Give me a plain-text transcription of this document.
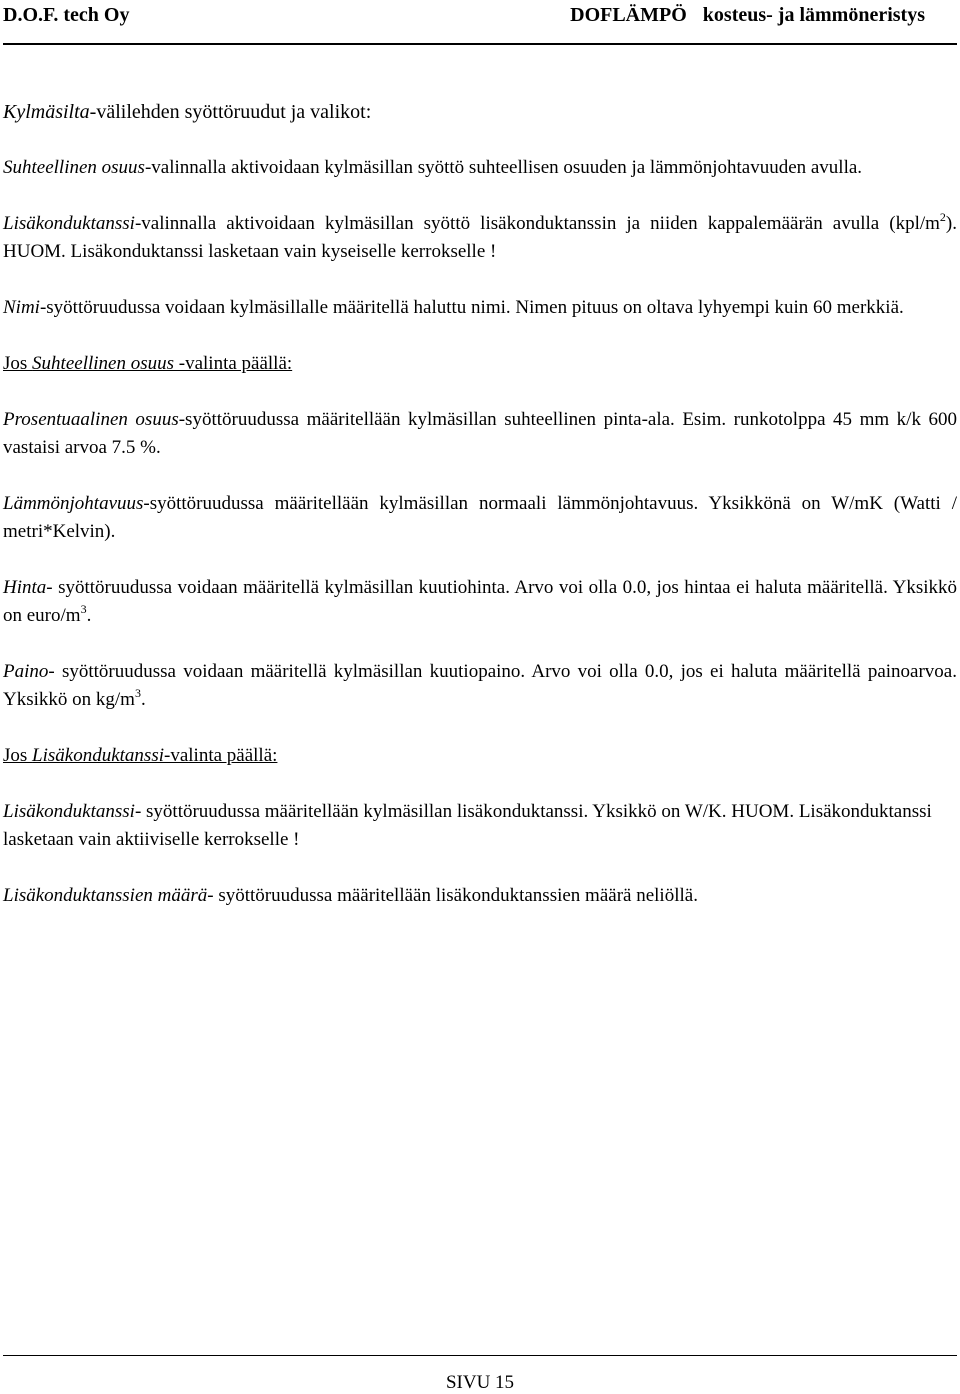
D.O.F. tech Oy	DOFLÄMPÖ kosteus- ja lämmöneristys

Kylmäsilta-välilehden syöttöruudut ja valikot:

Suhteellinen osuus-valinnalla aktivoidaan kylmäsillan syöttö suhteellisen osuuden ja lämmönjohtavuuden avulla.

Lisäkonduktanssi-valinnalla aktivoidaan kylmäsillan syöttö lisäkonduktanssin ja niiden kappalemäärän avulla $(kpl/m^2)$. HUOM. Lisäkonduktanssi lasketaan vain kyseiselle kerrokselle !

Nimi-syöttöruudussa voidaan kylmäsillalle määritellä haluttu nimi. Nimen pituus on oltava lyhyempi kuin 60 merkkiä.

Jos Suhteellinen osuus -valinta päällä:

Prosentuaalinen osuus-syöttöruudussa määritellään kylmäsillan suhteellinen pinta-ala. Esim. runkotolppa 45 mm k/k 600 vastaisi arvoa 7.5 %.

Lämmönjohtavuus-syöttöruudussa määritellään kylmäsillan normaali lämmönjohtavuus. Yksikkönä on W/mK (Watti / metri*Kelvin).

Hinta- syöttöruudussa voidaan määritellä kylmäsillan kuutiohinta. Arvo voi olla 0.0, jos hintaa ei haluta määritellä. Yksikkö on euro/$m^3$.

Paino- syöttöruudussa voidaan määritellä kylmäsillan kuutiopaino. Arvo voi olla 0.0, jos ei haluta määritellä painoarvoa. Yksikkö on $kg/m^3$.

Jos Lisäkonduktanssi-valinta päällä:

Lisäkonduktanssi- syöttöruudussa määritellään kylmäsillan lisäkonduktanssi. Yksikkö on W/K. HUOM. Lisäkonduktanssi lasketaan vain aktiiviselle kerrokselle !

Lisäkonduktanssien määrä- syöttöruudussa määritellään lisäkonduktanssien määrä neliöllä.

SIVU 15
